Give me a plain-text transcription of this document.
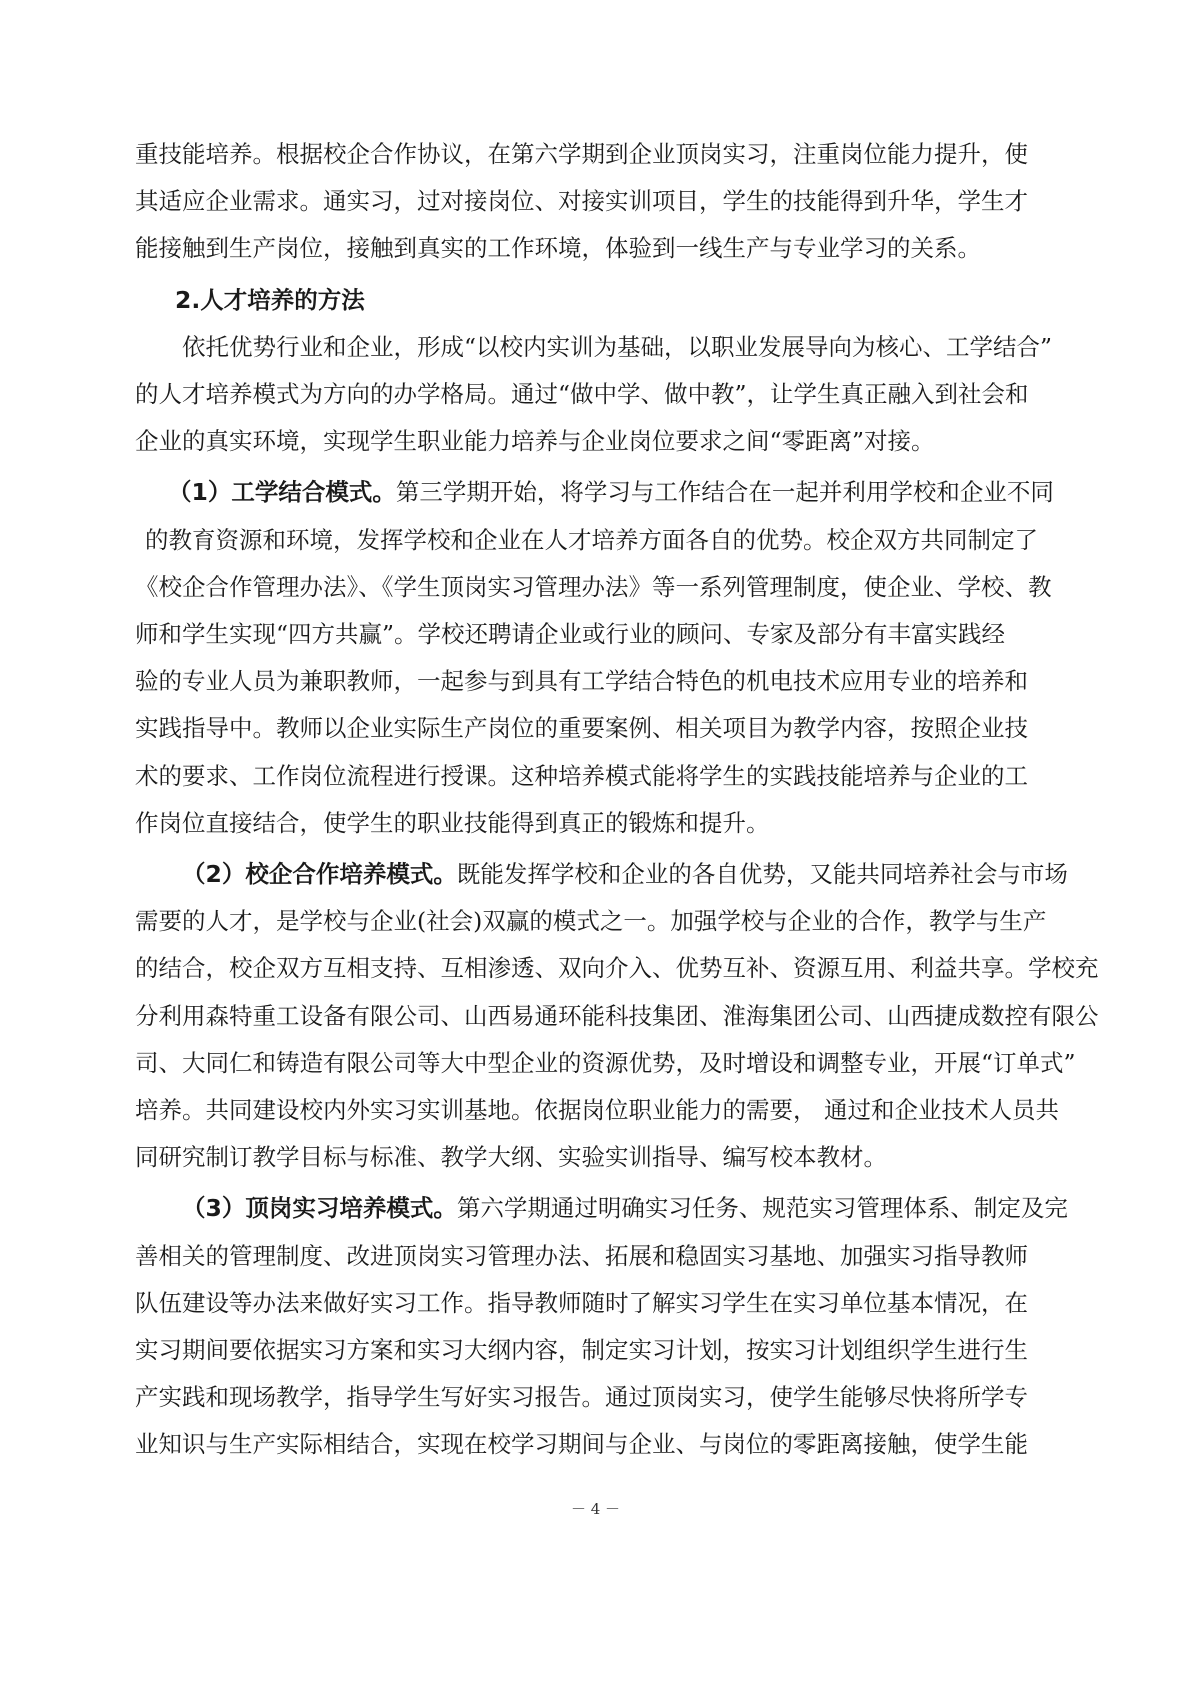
重技能培养。根据校企合作协议，在第六学期到企业顶岗实习，注重岗位能力提升，使

其适应企业需求。通实习，过对接岗位、对接实训项目，学生的技能得到升华，学生才

能接触到生产岗位，接触到真实的工作环境，体验到一线生产与专业学习的关系。

2.人才培养的方法

依托优势行业和企业，形成“以校内实训为基础，以职业发展导向为核心、工学结合”

的人才培养模式为方向的办学格局。通过“做中学、做中教”，让学生真正融入到社会和

企业的真实环境，实现学生职业能力培养与企业岗位要求之间“零距离”对接。

（1）工学结合模式。第三学期开始，将学习与工作结合在一起并利用学校和企业不同

的教育资源和环境，发挥学校和企业在人才培养方面各自的优势。校企双方共同制定了

《校企合作管理办法》、《学生顶岗实习管理办法》等一系列管理制度，使企业、学校、教

师和学生实现“四方共赢”。学校还聘请企业或行业的顾问、专家及部分有丰富实践经

验的专业人员为兼职教师，一起参与到具有工学结合特色的机电技术应用专业的培养和

实践指导中。教师以企业实际生产岗位的重要案例、相关项目为教学内容，按照企业技

术的要求、工作岗位流程进行授课。这种培养模式能将学生的实践技能培养与企业的工

作岗位直接结合，使学生的职业技能得到真正的锻炼和提升。

（2）校企合作培养模式。既能发挥学校和企业的各自优势，又能共同培养社会与市场

需要的人才，是学校与企业(社会)双赢的模式之一。加强学校与企业的合作，教学与生产

的结合，校企双方互相支持、互相渗透、双向介入、优势互补、资源互用、利益共享。学校充

分利用森特重工设备有限公司、山西易通环能科技集团、淮海集团公司、山西捷成数控有限公

司、大同仁和铸造有限公司等大中型企业的资源优势，及时增设和调整专业，开展“订单式”

培养。共同建设校内外实习实训基地。依据岗位职业能力的需要， 通过和企业技术人员共

同研究制订教学目标与标准、教学大纲、实验实训指导、编写校本教材。

（3）顶岗实习培养模式。第六学期通过明确实习任务、规范实习管理体系、制定及完

善相关的管理制度、改进顶岗实习管理办法、拓展和稳固实习基地、加强实习指导教师

队伍建设等办法来做好实习工作。指导教师随时了解实习学生在实习单位基本情况，在

实习期间要依据实习方案和实习大纲内容，制定实习计划，按实习计划组织学生进行生

产实践和现场教学，指导学生写好实习报告。通过顶岗实习，使学生能够尽快将所学专

业知识与生产实际相结合，实现在校学习期间与企业、与岗位的零距离接触，使学生能

－ 4 －
